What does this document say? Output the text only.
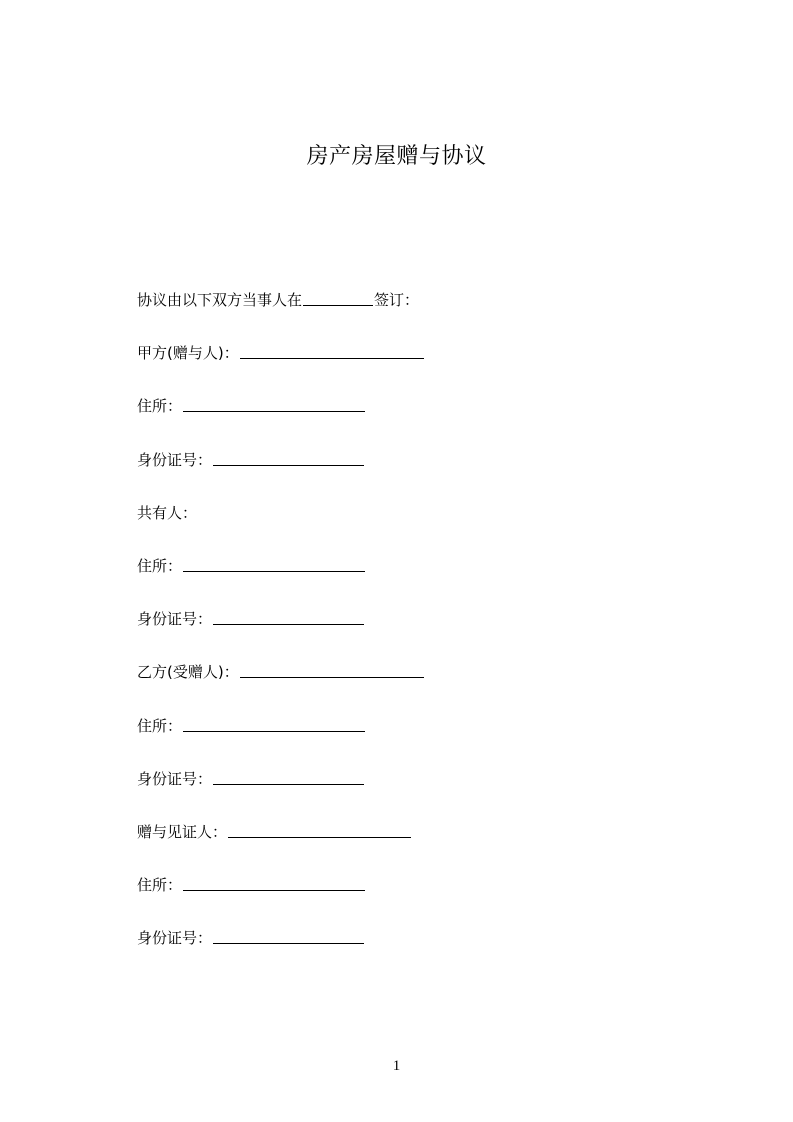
房产房屋赠与协议
协议由以下双方当事人在	签订：
甲方(赠与人)：
住所：
身份证号：
共有人：
住所：
身份证号：
乙方(受赠人)：
住所：
身份证号：
赠与见证人：
住所：
身份证号：
1
